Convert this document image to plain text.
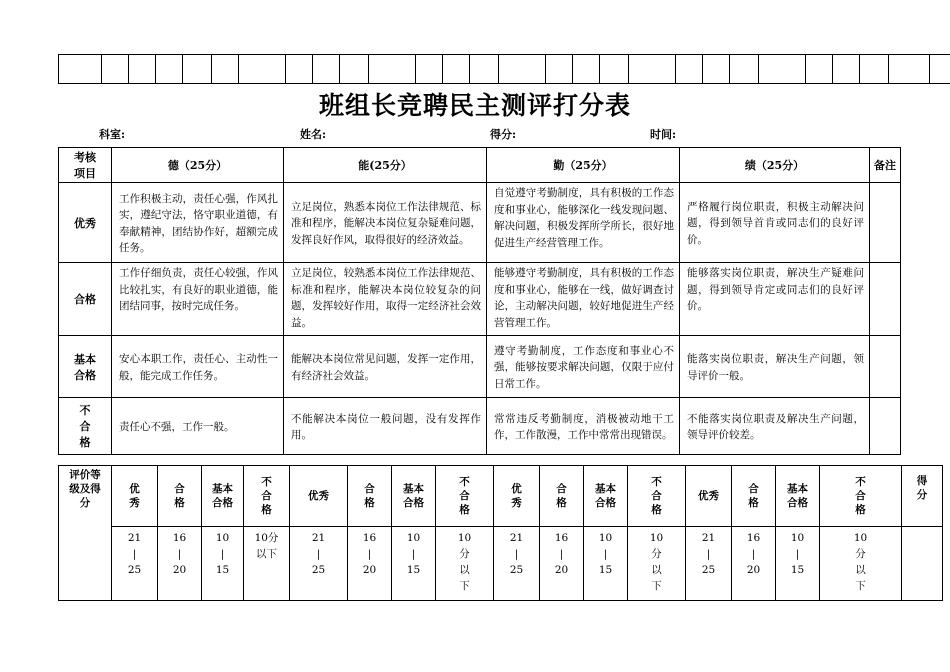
班组长竞聘民主测评打分表
科室:	姓名:	得分:	时间:
考核
项目	德（25分）	能(25分）	勤（25分）	绩（25分）	备注
优秀	工作积极主动，责任心强，作风扎实，遵纪守法，恪守职业道德，有奉献精神，团结协作好，超额完成任务。	立足岗位，熟悉本岗位工作法律规范、标准和程序，能解决本岗位复杂疑难问题，发挥良好作风，取得很好的经济效益。	自觉遵守考勤制度，具有积极的工作态度和事业心，能够深化一线发现问题、解决问题，积极发挥所学所长，很好地促进生产经营管理工作。	严格履行岗位职责，积极主动解决问题，得到领导首肯或同志们的良好评价。	
合格	工作仔细负责，责任心较强，作风比较扎实，有良好的职业道德，能团结同事，按时完成任务。	立足岗位，较熟悉本岗位工作法律规范、标准和程序，能解决本岗位较复杂的问题，发挥较好作用，取得一定经济社会效益。	能够遵守考勤制度，具有积极的工作态度和事业心，能够在一线，做好调查讨论，主动解决问题，较好地促进生产经营管理工作。	能够落实岗位职责，解决生产疑难问题，得到领导肯定或同志们的良好评价。	

基本
合格	安心本职工作，责任心、主动性一般，能完成工作任务。	能解决本岗位常见问题，发挥一定作用，有经济社会效益。	遵守考勤制度，工作态度和事业心不强，能够按要求解决问题，仅限于应付日常工作。	能落实岗位职责，解决生产问题，领导评价一般。	

不
合
格	责任心不强，工作一般。	不能解决本岗位一般问题，没有发挥作用。	常常违反考勤制度，消极被动地干工作，工作散漫，工作中常常出现错误。	不能落实岗位职责及解决生产问题，领导评价较差。	
评价等
级及得
分	优
秀	合
格	基本
合格	不
合
格	优秀	合
格	基本
合格	不
合
格	优
秀	合
格	基本
合格	不
合
格	优秀	合
格	基本
合格	不
合
格	得
分

	21
|
25	16
|
20	10
|
15	10分
以下	21
|
25	16
|
20	10
|
15	10
分
以
下	21
|
25	16
|
20	10
|
15	10
分
以
下	21
|
25	16
|
20	10
|
15	10
分
以
下	
